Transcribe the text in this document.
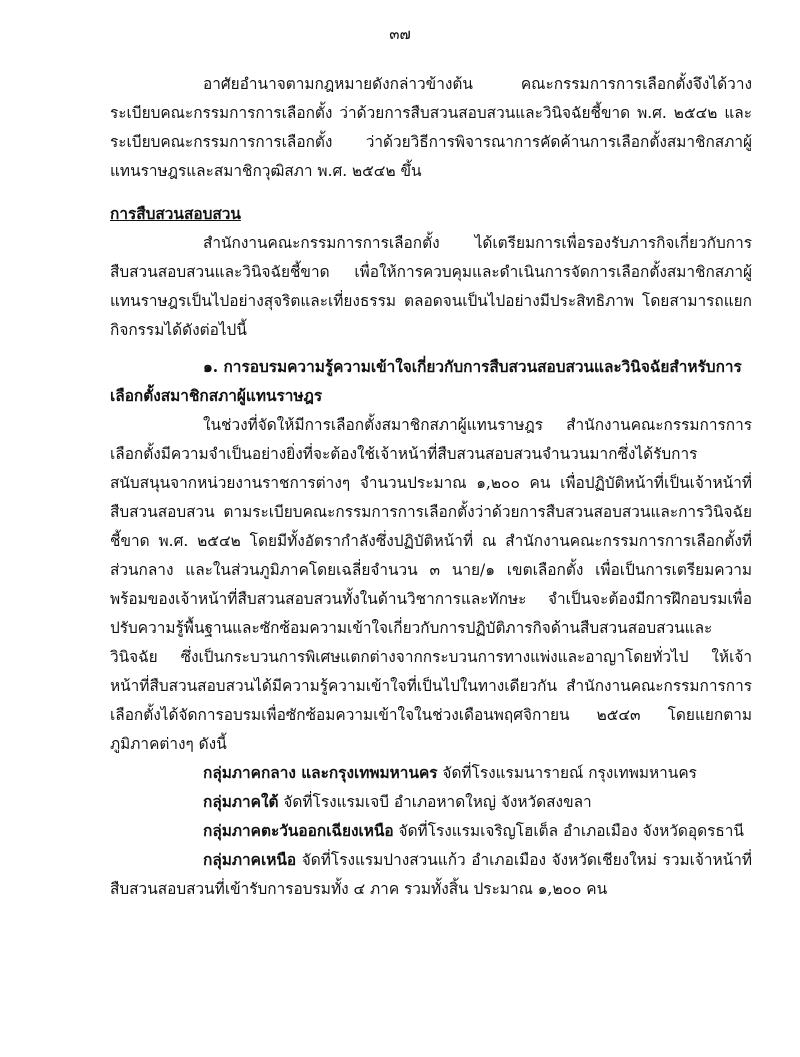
๓๗

อาศัยอำนาจตามกฎหมายดังกล่าวข้างต้น คณะกรรมการการเลือกตั้งจึงได้วางระเบียบคณะกรรมการการเลือกตั้ง ว่าด้วยการสืบสวนสอบสวนและวินิจฉัยชี้ขาด พ.ศ. ๒๕๔๒ และระเบียบคณะกรรมการการเลือกตั้ง ว่าด้วยวิธีการพิจารณาการคัดค้านการเลือกตั้งสมาชิกสภาผู้แทนราษฎรและสมาชิกวุฒิสภา พ.ศ. ๒๕๔๒ ขึ้น

การสืบสวนสอบสวน

สำนักงานคณะกรรมการการเลือกตั้ง ได้เตรียมการเพื่อรองรับภารกิจเกี่ยวกับการสืบสวนสอบสวนและวินิจฉัยชี้ขาด เพื่อให้การควบคุมและดำเนินการจัดการเลือกตั้งสมาชิกสภาผู้แทนราษฎรเป็นไปอย่างสุจริตและเที่ยงธรรม ตลอดจนเป็นไปอย่างมีประสิทธิภาพ โดยสามารถแยกกิจกรรมได้ดังต่อไปนี้

๑. การอบรมความรู้ความเข้าใจเกี่ยวกับการสืบสวนสอบสวนและวินิจฉัยสำหรับการเลือกตั้งสมาชิกสภาผู้แทนราษฎร

ในช่วงที่จัดให้มีการเลือกตั้งสมาชิกสภาผู้แทนราษฎร สำนักงานคณะกรรมการการเลือกตั้งมีความจำเป็นอย่างยิ่งที่จะต้องใช้เจ้าหน้าที่สืบสวนสอบสวนจำนวนมากซึ่งได้รับการสนับสนุนจากหน่วยงานราชการต่างๆ จำนวนประมาณ ๑,๒๐๐ คน เพื่อปฏิบัติหน้าที่เป็นเจ้าหน้าที่สืบสวนสอบสวน ตามระเบียบคณะกรรมการการเลือกตั้งว่าด้วยการสืบสวนสอบสวนและการวินิจฉัยชี้ขาด พ.ศ. ๒๕๔๒ โดยมีทั้งอัตรากำลังซึ่งปฏิบัติหน้าที่ ณ สำนักงานคณะกรรมการการเลือกตั้งที่ส่วนกลาง และในส่วนภูมิภาคโดยเฉลี่ยจำนวน ๓ นาย/๑ เขตเลือกตั้ง เพื่อเป็นการเตรียมความพร้อมของเจ้าหน้าที่สืบสวนสอบสวนทั้งในด้านวิชาการและทักษะ จำเป็นจะต้องมีการฝึกอบรมเพื่อปรับความรู้พื้นฐานและซักซ้อมความเข้าใจเกี่ยวกับการปฏิบัติภารกิจด้านสืบสวนสอบสวนและวินิจฉัย ซึ่งเป็นกระบวนการพิเศษแตกต่างจากกระบวนการทางแพ่งและอาญาโดยทั่วไป ให้เจ้าหน้าที่สืบสวนสอบสวนได้มีความรู้ความเข้าใจที่เป็นไปในทางเดียวกัน สำนักงานคณะกรรมการการเลือกตั้งได้จัดการอบรมเพื่อซักซ้อมความเข้าใจในช่วงเดือนพฤศจิกายน ๒๕๔๓ โดยแยกตามภูมิภาคต่างๆ ดังนี้

กลุ่มภาคกลาง และกรุงเทพมหานคร จัดที่โรงแรมนารายณ์ กรุงเทพมหานคร

กลุ่มภาคใต้ จัดที่โรงแรมเจบี อำเภอหาดใหญ่ จังหวัดสงขลา

กลุ่มภาคตะวันออกเฉียงเหนือ จัดที่โรงแรมเจริญโฮเต็ล อำเภอเมือง จังหวัดอุดรธานี

กลุ่มภาคเหนือ จัดที่โรงแรมปางสวนแก้ว อำเภอเมือง จังหวัดเชียงใหม่ รวมเจ้าหน้าที่สืบสวนสอบสวนที่เข้ารับการอบรมทั้ง ๔ ภาค รวมทั้งสิ้น ประมาณ ๑,๒๐๐ คน
